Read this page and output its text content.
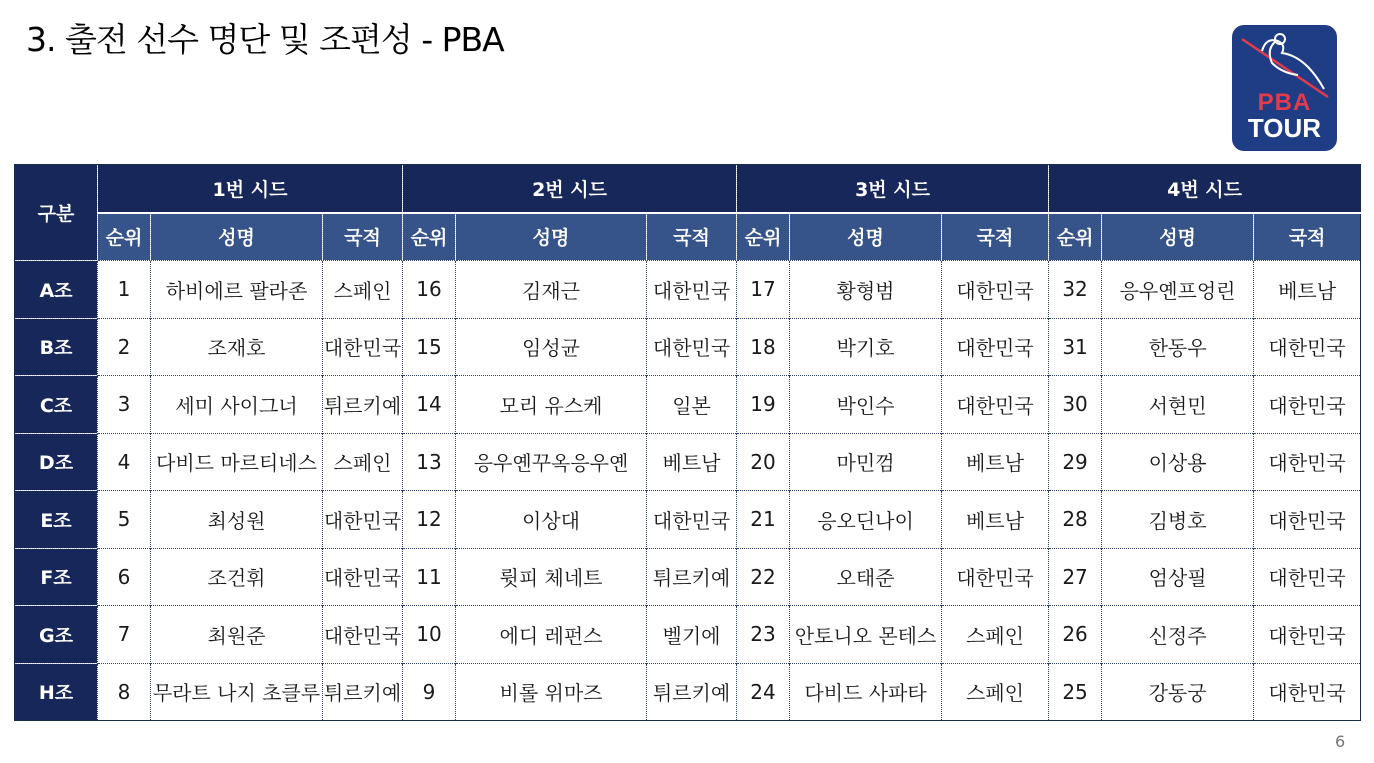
3. 출전 선수 명단 및 조편성 - PBA
PBA
TOUR
구분	1번 시드			2번 시드			3번 시드			4번 시드		
	순위	성명	국적	순위	성명	국적	순위	성명	국적	순위	성명	국적
A조	1	하비에르 팔라존	스페인	16	김재근	대한민국	17	황형범	대한민국	32	응우옌프엉린	베트남
B조	2	조재호	대한민국	15	임성균	대한민국	18	박기호	대한민국	31	한동우	대한민국
C조	3	세미 사이그너	튀르키예	14	모리 유스케	일본	19	박인수	대한민국	30	서현민	대한민국
D조	4	다비드 마르티네스	스페인	13	응우옌꾸옥응우옌	베트남	20	마민껌	베트남	29	이상용	대한민국
E조	5	최성원	대한민국	12	이상대	대한민국	21	응오딘나이	베트남	28	김병호	대한민국
F조	6	조건휘	대한민국	11	륏피 체네트	튀르키예	22	오태준	대한민국	27	엄상필	대한민국
G조	7	최원준	대한민국	10	에디 레펀스	벨기에	23	안토니오 몬테스	스페인	26	신정주	대한민국
H조	8	무라트 나지 초클루	튀르키예	9	비롤 위마즈	튀르키예	24	다비드 사파타	스페인	25	강동궁	대한민국
6
